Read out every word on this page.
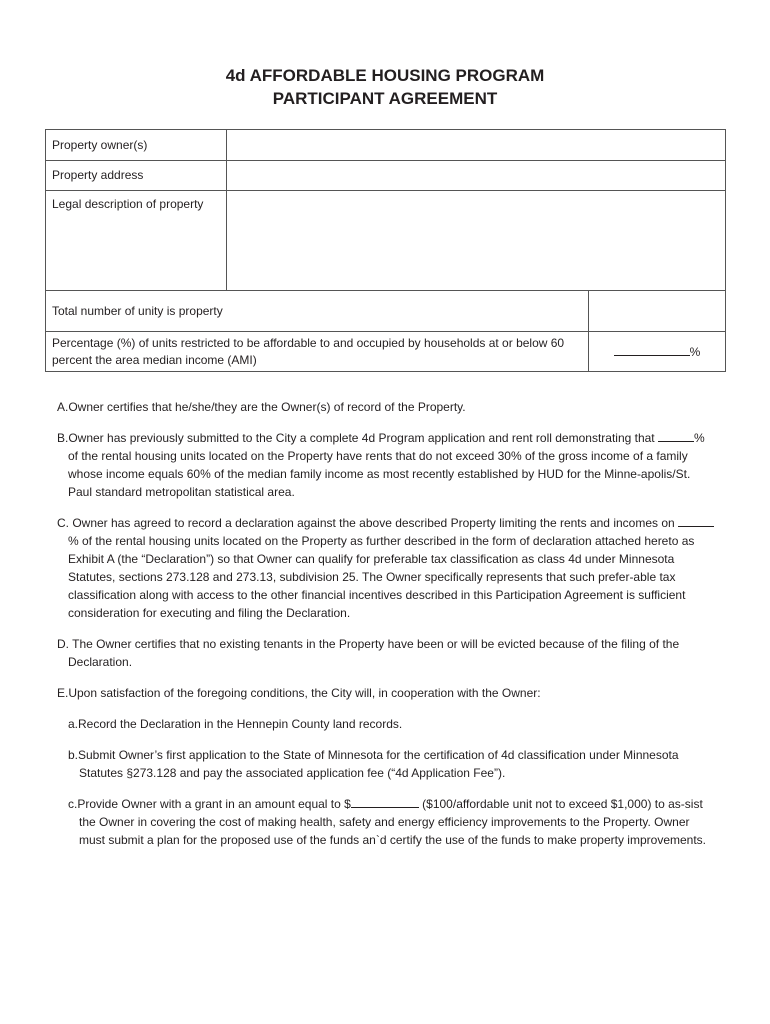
4d AFFORDABLE HOUSING PROGRAM
PARTICIPANT AGREEMENT
Property owner(s)		
Property address		
Legal description of property		
Total number of unity is property		
Percentage (%) of units restricted to be affordable to and occupied by households at or below 60 percent the area median income (AMI)		%

A.Owner certifies that he/she/they are the Owner(s) of record of the Property.

B.Owner has previously submitted to the City a complete 4d Program application and rent roll demonstrating that	% of the rental housing units located on the Property have rents that do not exceed 30% of the gross income of a family whose income equals 60% of the median family income as most recently established by HUD for the Minne-apolis/St. Paul standard metropolitan statistical area.

C. Owner has agreed to record a declaration against the above described Property limiting the rents and incomes on % of the rental housing units located on the Property as further described in the form of declaration attached hereto as Exhibit A (the “Declaration”) so that Owner can qualify for preferable tax classification as class 4d under Minnesota Statutes, sections 273.128 and 273.13, subdivision 25. The Owner specifically represents that such prefer-able tax classification along with access to the other financial incentives described in this Participation Agreement is sufficient consideration for executing and filing the Declaration.

D. The Owner certifies that no existing tenants in the Property have been or will be evicted because of the filing of the Declaration.

E.Upon satisfaction of the foregoing conditions, the City will, in cooperation with the Owner:

a.Record the Declaration in the Hennepin County land records.

b.Submit Owner’s first application to the State of Minnesota for the certification of 4d classification under Minnesota Statutes §273.128 and pay the associated application fee (“4d Application Fee”).

c.Provide Owner with a grant in an amount equal to $	($100/affordable unit not to exceed $1,000) to as-sist the Owner in covering the cost of making health, safety and energy efficiency improvements to the Property. Owner must submit a plan for the proposed use of the funds an`d certify the use of the funds to make property improvements.
